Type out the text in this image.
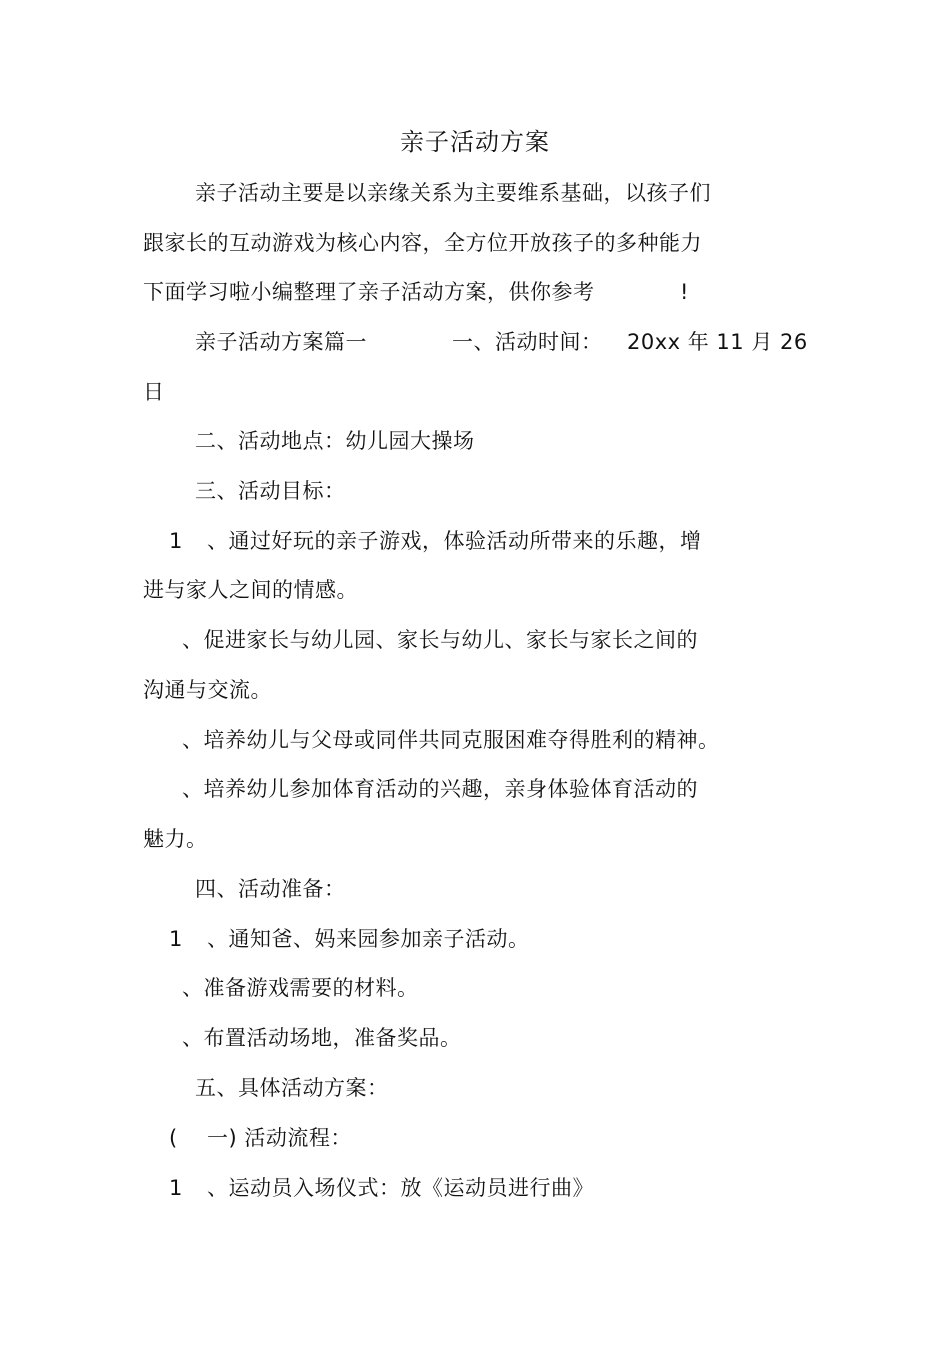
亲子活动方案
亲子活动主要是以亲缘关系为主要维系基础，以孩子们
跟家长的互动游戏为核心内容，全方位开放孩子的多种能力
下面学习啦小编整理了亲子活动方案，供你参考	!
亲子活动方案篇一	一、活动时间： 20xx 年 11 月 26
日
二、活动地点：幼儿园大操场
三、活动目标：
1 、通过好玩的亲子游戏，体验活动所带来的乐趣，增
进与家人之间的情感。
、促进家长与幼儿园、家长与幼儿、家长与家长之间的
沟通与交流。
、培养幼儿与父母或同伴共同克服困难夺得胜利的精神。
、培养幼儿参加体育活动的兴趣，亲身体验体育活动的
魅力。
四、活动准备：
1 、通知爸、妈来园参加亲子活动。
、准备游戏需要的材料。
、布置活动场地，准备奖品。
五、具体活动方案：
( 一) 活动流程：
1 、运动员入场仪式：放《运动员进行曲》
